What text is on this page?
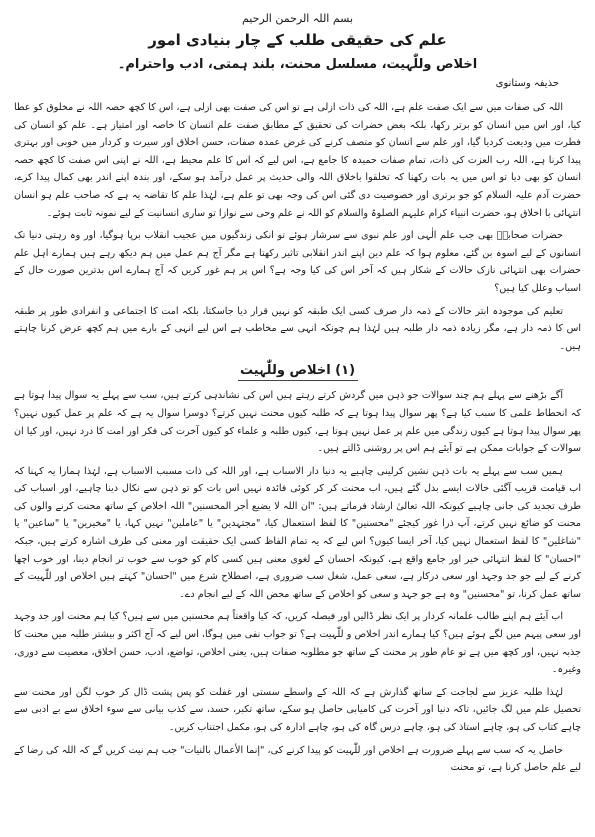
بسم اللہ الرحمن الرحیم
علم کی حقیقی طلب کے چار بنیادی امور
اخلاص وللّٰہیت، مسلسل محنت، بلند ہمتی، ادب واحترام۔
حذیفہ وستانوی

اللہ کی صفات میں سے ایک صفت علم ہے، اللہ کی ذات ازلی ہے تو اس کی صفت بھی ازلی ہے، اس کا کچھ حصہ اللہ نے مخلوق کو عطا کیا، اور اس میں انسان کو برتر رکھا، بلکہ بعض حضرات کی تحقیق کے مطابق صفت علم انسان کا خاصہ اور امتیاز ہے۔ علم کو انسان کی فطرت میں ودیعت کردیا گیا، اور علم سے انسان کو متصف کرنے کی غرض عمدہ صفات، حسن اخلاق اور سیرت و کردار میں خوبی اور بہتری پیدا کرنا ہے، اللہ رب العزت کی ذات، تمام صفات حمیدہ کا جامع ہے، اس لیے کہ اس کا علم محیط ہے، اللہ نے اپنی اس صفت کا کچھ حصہ انسان کو بھی دیا تو اس میں یہ بات رکھنا کہ تخلقوا باخلاق اللہ والی حدیث پر عمل درآمد ہو سکے، اور بندہ اپنے اندر بھی کمال پیدا کرے، حضرت آدم علیہ السلام کو جو برتری اور خصوصیت دی گئی اس کی وجہ بھی تو علم ہے، لہٰذا علم کا تقاضہ یہ ہے کہ صاحب علم ہو انسان انتہائی با اخلاق ہو، حضرت انبیاء کرام علیہم الصلوۃ والسلام کو اللہ نے علم وحی سے نوازا تو ساری انسانیت کے لیے نمونہ ثابت ہوئے۔

حضرات صحابہؓ بھی جب علم الٰہی اور علم نبوی سے سرشار ہوئے تو انکی زندگیوں میں عجیب انقلاب برپا ہوگیا، اور وہ رہتی دنیا تک انسانوں کے لیے اسوہ بن گئے، معلوم ہوا کہ علم دین اپنے اندر انقلابی تاثیر رکھتا ہے مگر آج ہم عمل میں ہم دیکھ رہے ہیں ہمارے اہل علم حضرات بھی انتہائی نازک حالات کے شکار ہیں کہ آخر اس کی کیا وجہ ہے؟ اس پر ہم غور کریں کہ آج ہمارے اس بدترین صورت حال کے اسباب وعلل کیا ہیں؟

تعلیم کی موجودہ ابتر حالات کے ذمہ دار صرف کسی ایک طبقہ کو نہیں قرار دیا جاسکتا، بلکہ امت کا اجتماعی و انفرادی طور پر طبقہ اس کا ذمہ دار ہے، مگر زیادہ ذمہ دار طلبہ ہیں لہٰذا ہم چونکہ انہی سے مخاطب ہے اس لیے انہی کے بارے میں ہم کچھ عرض کرنا چاہتے ہیں۔

(۱) اخلاص وللّٰہیت

آگے بڑھنے سے پہلے ہم چند سوالات جو ذہن میں گردش کرتے رہتے ہیں اس کی نشاندہی کرتے ہیں، سب سے پہلے یہ سوال پیدا ہوتا ہے کہ انحطاط علمی کا سبب کیا ہے؟ پھر سوال پیدا ہوتا ہے کہ طلبہ کیوں محنت نہیں کرتے؟ دوسرا سوال یہ ہے کہ علم پر عمل کیوں نہیں؟ پھر سوال پیدا ہوتا ہے کیوں زندگی میں علم پر عمل نہیں ہوتا ہے، کیوں طلبہ و علماء کو کیوں آخرت کی فکر اور امت کا درد نہیں، اور کیا ان سوالات کے جوابات ممکن ہے تو آیئے ہم اس پر روشنی ڈالتے ہیں۔

ہمیں سب سے پہلے یہ بات ذہن نشین کرلینی چاہیے یہ دنیا دار الاسباب ہے، اور اللہ کی ذات مسبب الاسباب ہے، لہٰذا ہمارا یہ کہنا کہ اب قیامت قریب آگئی حالات ایسے بدل گئے ہیں، اب محنت کر کر کوئی فائدہ نہیں اس بات کو تو ذہن سے نکال دینا چاہیے، اور اسباب کی طرف تجدید کی جانی چاہیے کیونکہ اللہ تعالیٰ ارشاد فرماتے ہیں: "ان اللہ لا یضیع أجر المحسنین" اللہ اخلاص کے ساتھ محنت کرنے والوں کی محنت کو ضائع نہیں کرتے، آپ ذرا غور کیجئے "محسنین" کا لفظ استعمال کیا، "مجتہدین" یا "عاملین" نہیں کہا، یا "مخیرین" یا "ساعین" یا "شاغلین" کا لفظ استعمال نہیں کیا، آخر ایسا کیوں؟ اس لیے کہ یہ تمام الفاظ کسی ایک حقیقت اور معنی کی طرف اشارہ کرتے ہیں، جبکہ "احسان" کا لفظ انتہائی خیر اور جامع واقع ہے، کیونکہ احسان کے لغوی معنی ہیں کسی کام کو خوب سے خوب تر انجام دینا، اور خوب اچھا کرنے کے لیے جو جد وجہد اور سعی درکار ہے، سعی عمل، شغل سب ضروری ہے، اصطلاح شرع میں "احسان" کہتے ہیں اخلاص اور للّٰہیت کے ساتھ عمل کرنا، تو "محسنین" وہ ہے جو جہد و سعی کو اخلاص کے ساتھ محض اللہ کے لیے انجام دے۔

اب آیئے ہم اپنے طالب علمانہ کردار پر ایک نظر ڈالیں اور فیصلہ کریں، کہ کیا واقعتاً ہم محسنین میں سے ہیں؟ کیا ہم محنت اور جد وجہد اور سعی پیہم میں لگے ہوئے ہیں؟ کیا ہمارے اندر اخلاص و للّٰہیت ہے؟ تو جواب نفی میں ہوگا، اس لیے کہ آج اکثر و بیشتر طلبہ میں محنت کا جذبہ نہیں، اور کچھ میں ہے تو عام طور پر محنت کے ساتھ جو مطلوبہ صفات ہیں، یعنی اخلاص، تواضع، ادب، حسن اخلاق، معصیت سے دوری، وغیرہ۔

لہٰذا طلبہ عزیز سے لجاجت کے ساتھ گذارش ہے کہ اللہ کے واسطے سستی اور غفلت کو پس پشت ڈال کر خوب لگن اور محنت سے تحصیل علم میں لگ جائیں، تاکہ دنیا اور آخرت کی کامیابی حاصل ہو سکے، ساتھ تکبر، حسد، سے کذب بیانی سے سوء اخلاق سے بے ادبی سے چاہے کتاب کی ہو، چاہے استاذ کی ہو، چاہے درس گاہ کی ہو، چاہے ادارہ کی ہو، مکمل اجتناب کریں۔

حاصل یہ کہ سب سے پہلے ضرورت ہے اخلاص اور للّٰہیت کو پیدا کرنے کی، "إنما الأعمال بالنیات" جب ہم نیت کریں گے کہ اللہ کی رضا کے لیے علم حاصل کرنا ہے، تو محنت
